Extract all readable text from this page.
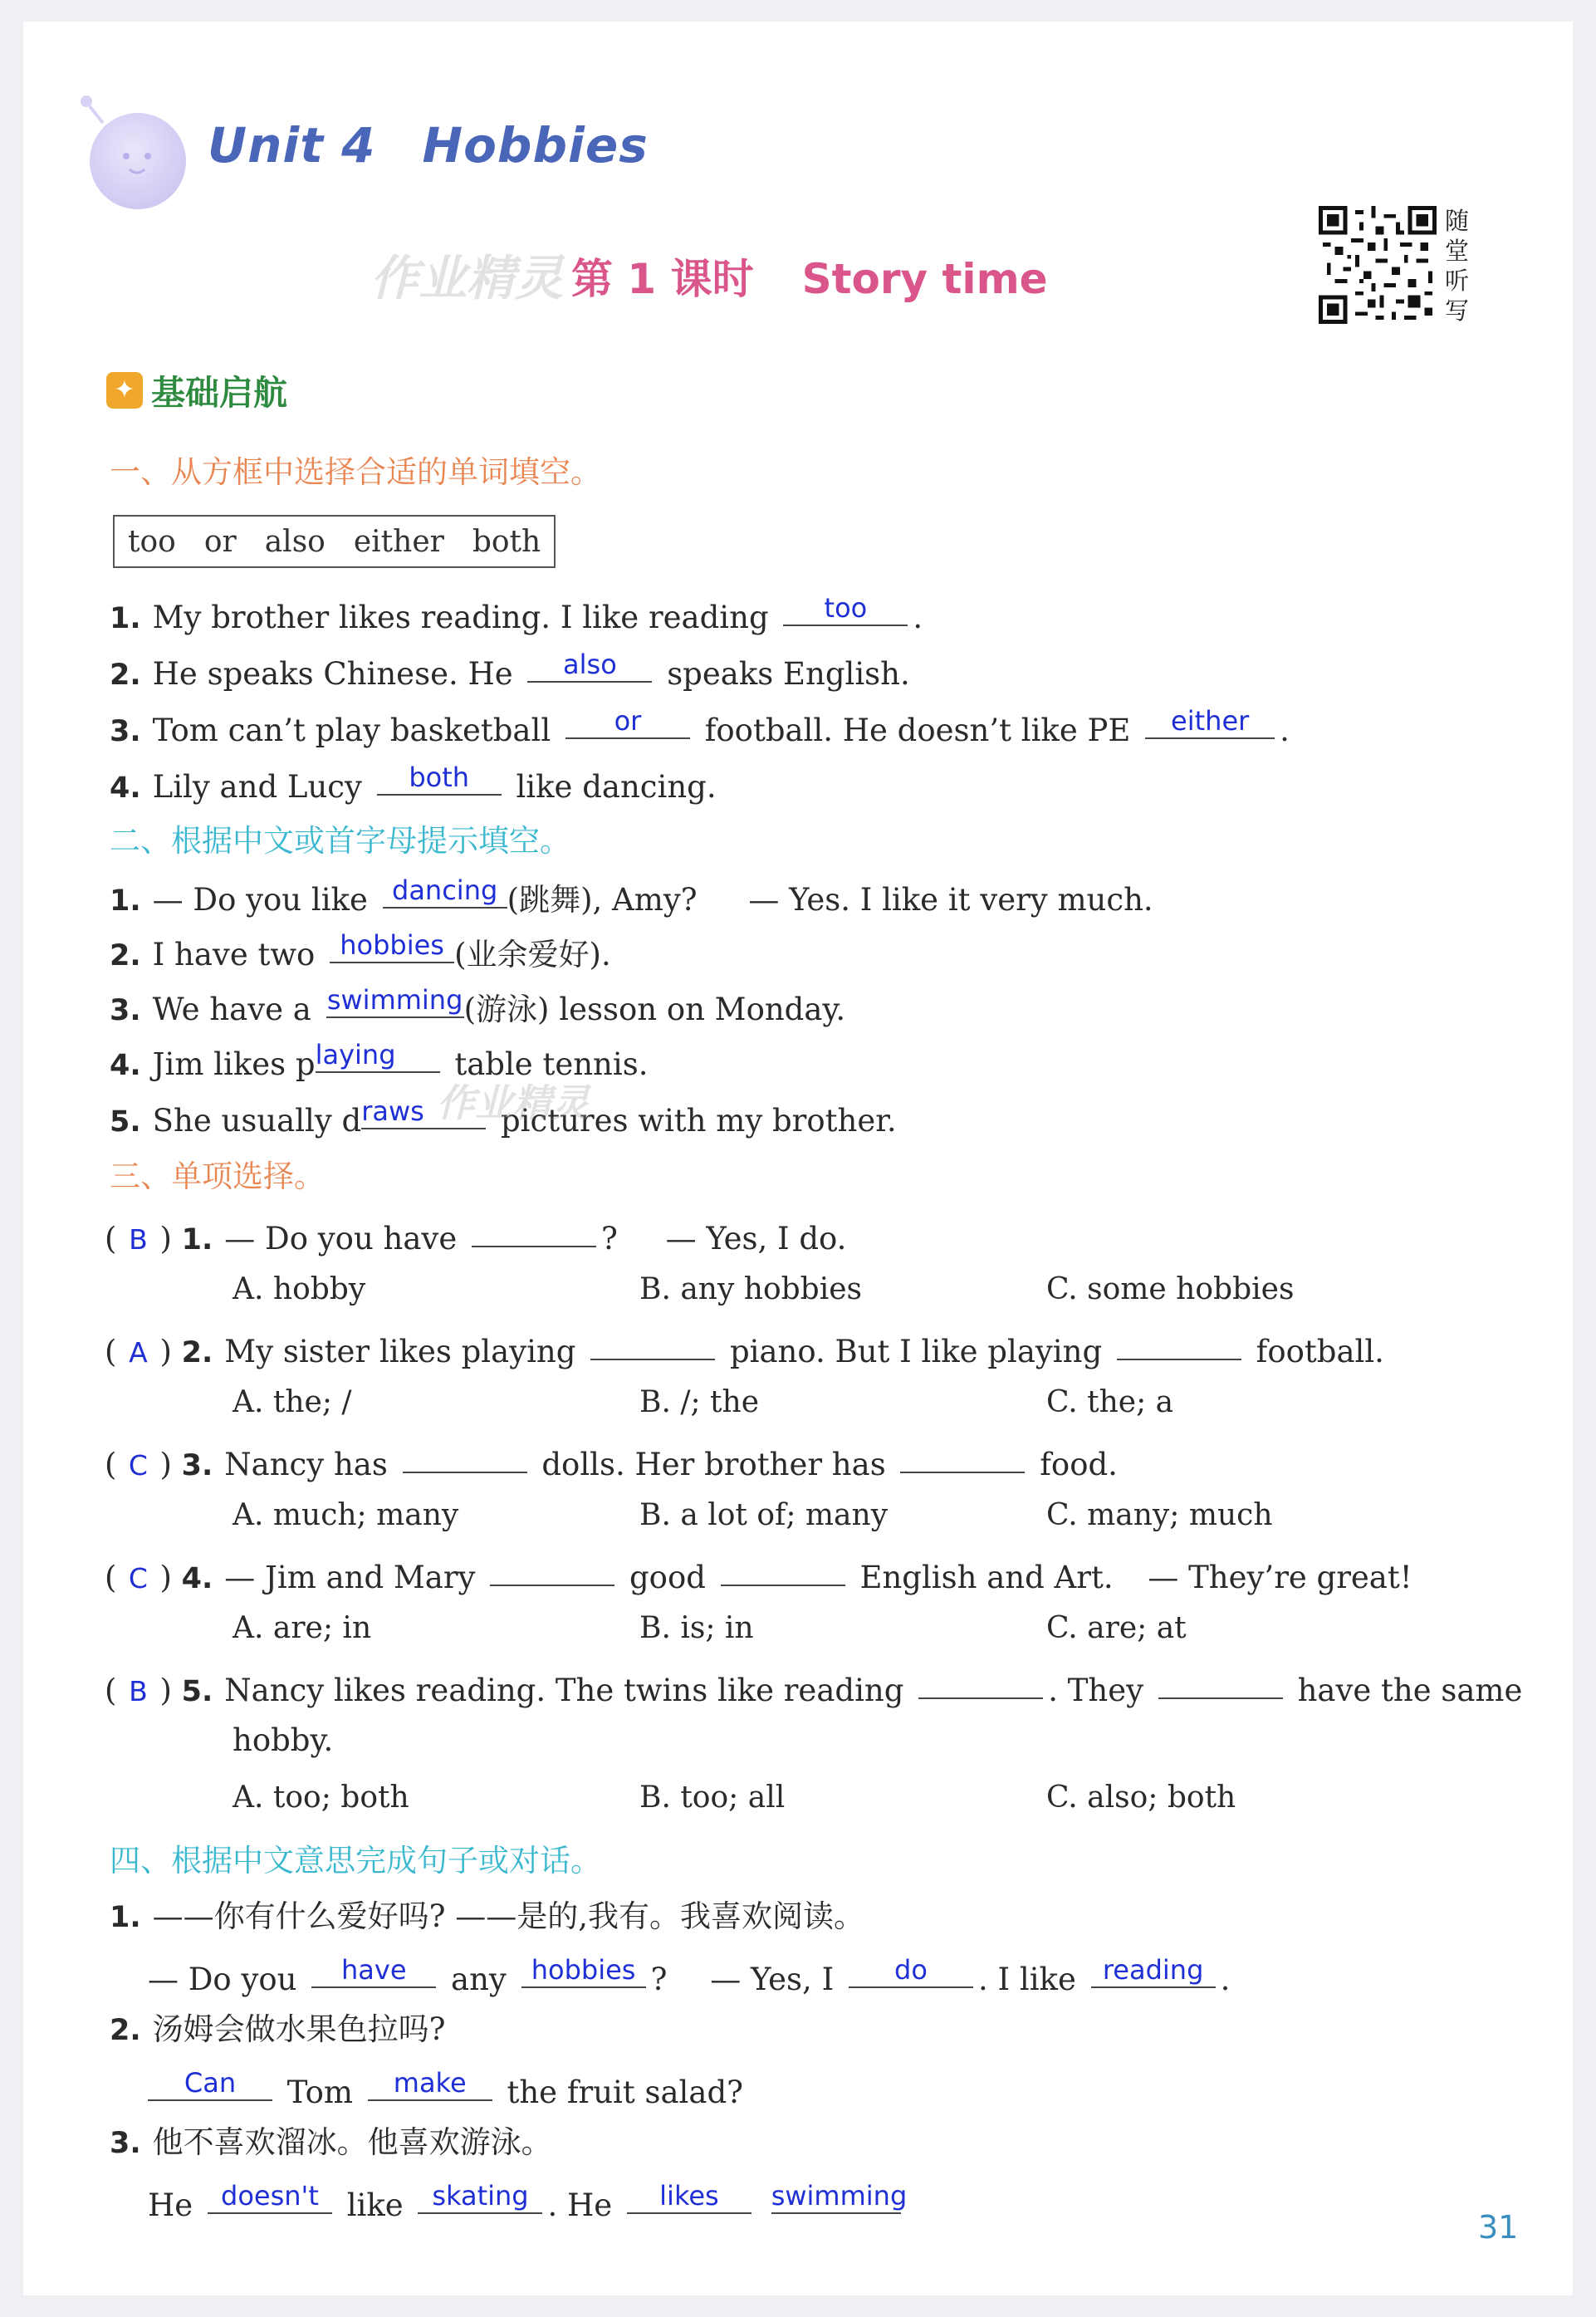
Unit 4 Hobbies
作业精灵 第 1 课时 Story time
随
堂
听
写
✦ 基础启航
一、从方框中选择合适的单词填空。
too or also either both
1. My brother likes reading. I like reading	too	.
2. He speaks Chinese. He	also	speaks English.
3. Tom can’t play basketball	or	football. He doesn’t like PE	either .
4. Lily and Lucy	both	like dancing.
二、根据中文或首字母提示填空。
1. — Do you like dancing (跳舞), Amy? — Yes. I like it very much.
2. I have two hobbies (业余爱好).
3. We have a swimming (游泳) lesson on Monday.
4. Jim likes p laying	table tennis.
5. She usually d raws	pictures with my brother.
作业精灵
三、单项选择。
( B ) 1. — Do you have	? — Yes, I do.
A. hobby	B. any hobbies	C. some hobbies
( A ) 2. My sister likes playing	piano. But I like playing	football.
A. the; /	B. /; the	C. the; a
( C ) 3. Nancy has	dolls. Her brother has	food.
A. much; many	B. a lot of; many	C. many; much
( C ) 4. — Jim and Mary	good	English and Art. — They’re great!
A. are; in	B. is; in	C. are; at
( B ) 5. Nancy likes reading. The twins like reading	. They	have the same
hobby.
A. too; both	B. too; all	C. also; both
四、根据中文意思完成句子或对话。
1. ——你有什么爱好吗? ——是的,我有。我喜欢阅读。
— Do you	have	any hobbies ? — Yes, I	do	. I like reading .
2. 汤姆会做水果色拉吗?
Can	Tom	make	the fruit salad?
3. 他不喜欢溜冰。他喜欢游泳。
He	doesn't like	skating . He	likes
	swimming
31
